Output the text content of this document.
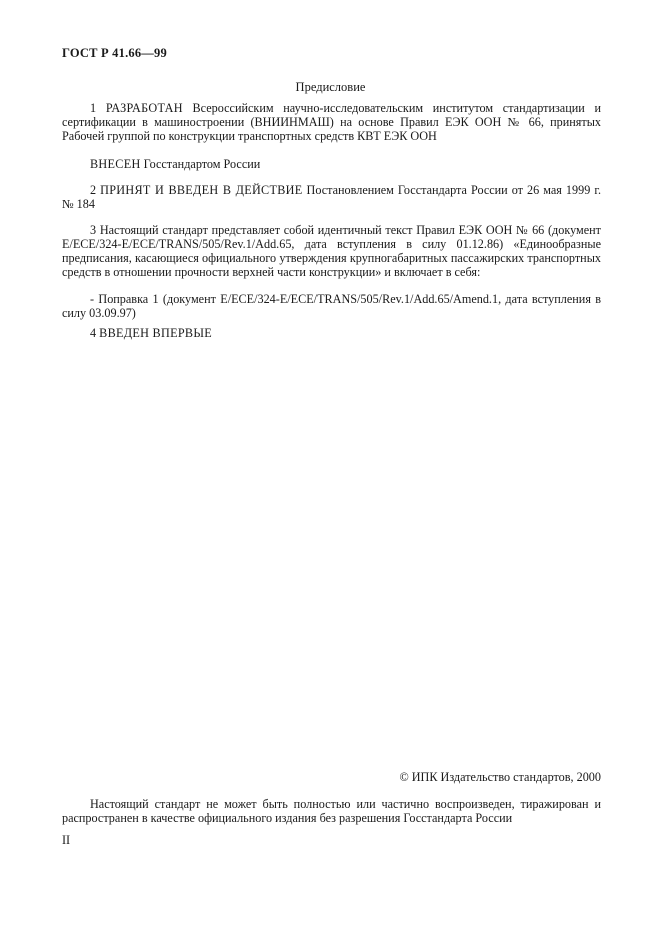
ГОСТ Р 41.66—99
Предисловие
1 РАЗРАБОТАН Всероссийским научно-исследовательским институтом стандартизации и сертификации в машиностроении (ВНИИНМАШ) на основе Правил ЕЭК ООН № 66, принятых Рабочей группой по конструкции транспортных средств КВТ ЕЭК ООН
ВНЕСЕН Госстандартом России
2 ПРИНЯТ И ВВЕДЕН В ДЕЙСТВИЕ Постановлением Госстандарта России от 26 мая 1999 г. № 184
3 Настоящий стандарт представляет собой идентичный текст Правил ЕЭК ООН № 66 (документ E/ECE/324-E/ECE/TRANS/505/Rev.1/Add.65, дата вступления в силу 01.12.86) «Единообразные предписания, касающиеся официального утверждения крупногабаритных пассажирских транспортных средств в отношении прочности верхней части конструкции» и включает в себя:
- Поправка 1 (документ E/ECE/324-E/ECE/TRANS/505/Rev.1/Add.65/Amend.1, дата вступления в силу 03.09.97)
4 ВВЕДЕН ВПЕРВЫЕ
© ИПК Издательство стандартов, 2000
Настоящий стандарт не может быть полностью или частично воспроизведен, тиражирован и распространен в качестве официального издания без разрешения Госстандарта России
II
